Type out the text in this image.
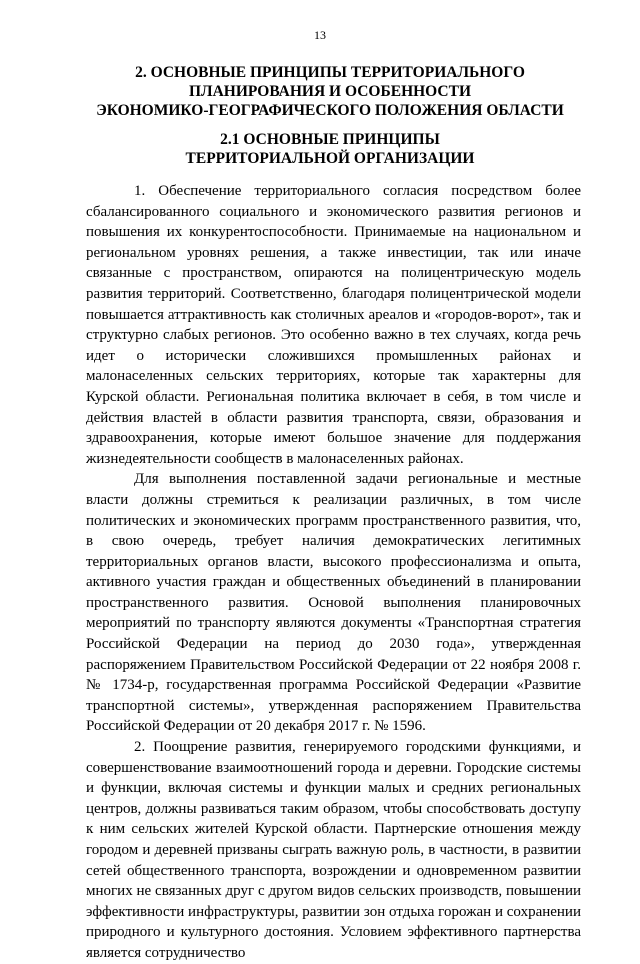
13
2. ОСНОВНЫЕ ПРИНЦИПЫ ТЕРРИТОРИАЛЬНОГО
ПЛАНИРОВАНИЯ И ОСОБЕННОСТИ
ЭКОНОМИКО-ГЕОГРАФИЧЕСКОГО ПОЛОЖЕНИЯ ОБЛАСТИ
2.1 ОСНОВНЫЕ ПРИНЦИПЫ
ТЕРРИТОРИАЛЬНОЙ ОРГАНИЗАЦИИ

1. Обеспечение территориального согласия посредством более сбалансированного социального и экономического развития регионов и повышения их конкурентоспособности. Принимаемые на национальном и региональном уровнях решения, а также инвестиции, так или иначе связанные с пространством, опираются на полицентрическую модель развития территорий. Соответственно, благодаря полицентрической модели повышается аттрактивность как столичных ареалов и «городов-ворот», так и структурно слабых регионов. Это особенно важно в тех случаях, когда речь идет о исторически сложившихся промышленных районах и малонаселенных сельских территориях, которые так характерны для Курской области. Региональная политика включает в себя, в том числе и действия властей в области развития транспорта, связи, образования и здравоохранения, которые имеют большое значение для поддержания жизнедеятельности сообществ в малонаселенных районах.

Для выполнения поставленной задачи региональные и местные власти должны стремиться к реализации различных, в том числе политических и экономических программ пространственного развития, что, в свою очередь, требует наличия демократических легитимных территориальных органов власти, высокого профессионализма и опыта, активного участия граждан и общественных объединений в планировании пространственного развития. Основой выполнения планировочных мероприятий по транспорту являются документы «Транспортная стратегия Российской Федерации на период до 2030 года», утвержденная распоряжением Правительством Российской Федерации от 22 ноября 2008 г. № 1734-р, государственная программа Российской Федерации «Развитие транспортной системы», утвержденная распоряжением Правительства Российской Федерации от 20 декабря 2017 г. № 1596.

2. Поощрение развития, генерируемого городскими функциями, и совершенствование взаимоотношений города и деревни. Городские системы и функции, включая системы и функции малых и средних региональных центров, должны развиваться таким образом, чтобы способствовать доступу к ним сельских жителей Курской области. Партнерские отношения между городом и деревней призваны сыграть важную роль, в частности, в развитии сетей общественного транспорта, возрождении и одновременном развитии многих не связанных друг с другом видов сельских производств, повышении эффективности инфраструктуры, развитии зон отдыха горожан и сохранении природного и культурного достояния. Условием эффективного партнерства является сотрудничество
